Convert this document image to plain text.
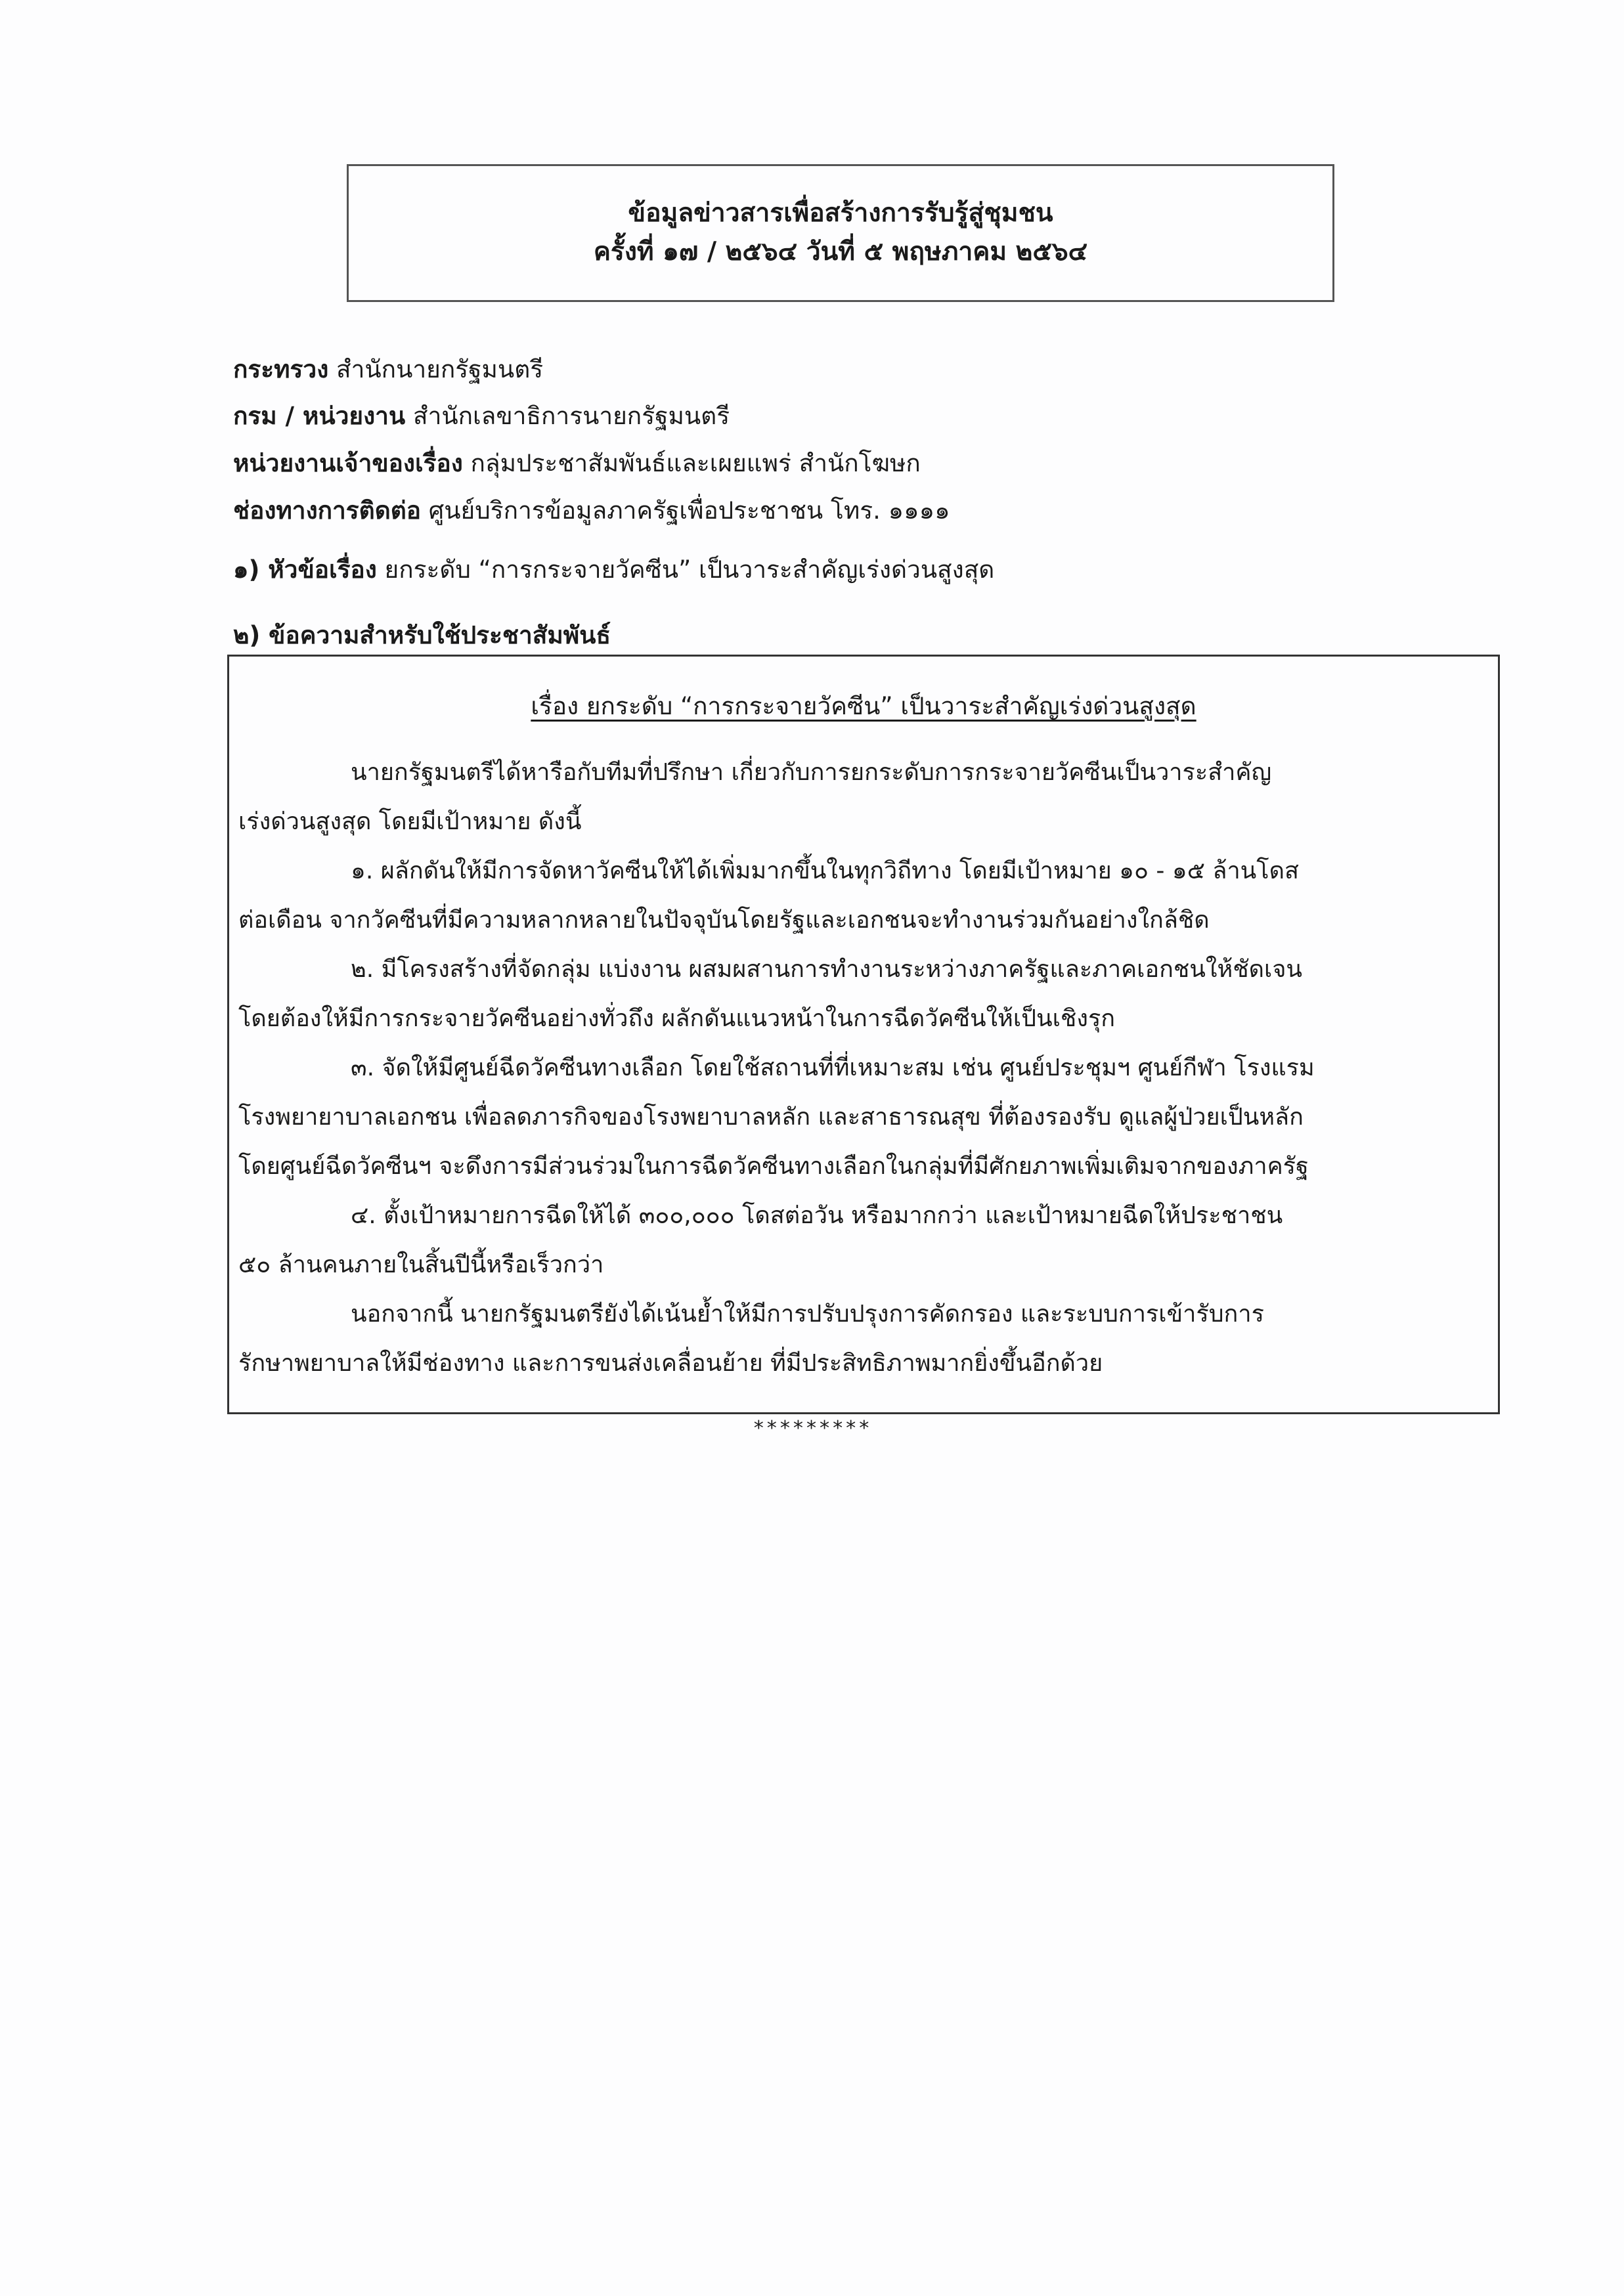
ข้อมูลข่าวสารเพื่อสร้างการรับรู้สู่ชุมชน
ครั้งที่ ๑๗ / ๒๕๖๔ วันที่ ๕ พฤษภาคม ๒๕๖๔
กระทรวง สำนักนายกรัฐมนตรี
กรม / หน่วยงาน สำนักเลขาธิการนายกรัฐมนตรี
หน่วยงานเจ้าของเรื่อง กลุ่มประชาสัมพันธ์และเผยแพร่ สำนักโฆษก
ช่องทางการติดต่อ ศูนย์บริการข้อมูลภาครัฐเพื่อประชาชน โทร. ๑๑๑๑
๑) หัวข้อเรื่อง ยกระดับ “การกระจายวัคซีน” เป็นวาระสำคัญเร่งด่วนสูงสุด
๒) ข้อความสำหรับใช้ประชาสัมพันธ์
เรื่อง ยกระดับ “การกระจายวัคซีน” เป็นวาระสำคัญเร่งด่วนสูงสุด
นายกรัฐมนตรีได้หารือกับทีมที่ปรึกษา เกี่ยวกับการยกระดับการกระจายวัคซีนเป็นวาระสำคัญ
เร่งด่วนสูงสุด โดยมีเป้าหมาย ดังนี้
๑. ผลักดันให้มีการจัดหาวัคซีนให้ได้เพิ่มมากขึ้นในทุกวิถีทาง โดยมีเป้าหมาย ๑๐ - ๑๕ ล้านโดส
ต่อเดือน จากวัคซีนที่มีความหลากหลายในปัจจุบันโดยรัฐและเอกชนจะทำงานร่วมกันอย่างใกล้ชิด
๒. มีโครงสร้างที่จัดกลุ่ม แบ่งงาน ผสมผสานการทำงานระหว่างภาครัฐและภาคเอกชนให้ชัดเจน
โดยต้องให้มีการกระจายวัคซีนอย่างทั่วถึง ผลักดันแนวหน้าในการฉีดวัคซีนให้เป็นเชิงรุก
๓. จัดให้มีศูนย์ฉีดวัคซีนทางเลือก โดยใช้สถานที่ที่เหมาะสม เช่น ศูนย์ประชุมฯ ศูนย์กีฬา โรงแรม
โรงพยายาบาลเอกชน เพื่อลดภารกิจของโรงพยาบาลหลัก และสาธารณสุข ที่ต้องรองรับ ดูแลผู้ป่วยเป็นหลัก
โดยศูนย์ฉีดวัคซีนฯ จะดึงการมีส่วนร่วมในการฉีดวัคซีนทางเลือกในกลุ่มที่มีศักยภาพเพิ่มเติมจากของภาครัฐ
๔. ตั้งเป้าหมายการฉีดให้ได้ ๓๐๐,๐๐๐ โดสต่อวัน หรือมากกว่า และเป้าหมายฉีดให้ประชาชน
๕๐ ล้านคนภายในสิ้นปีนี้หรือเร็วกว่า
นอกจากนี้ นายกรัฐมนตรียังได้เน้นย้ำให้มีการปรับปรุงการคัดกรอง และระบบการเข้ารับการ
รักษาพยาบาลให้มีช่องทาง และการขนส่งเคลื่อนย้าย ที่มีประสิทธิภาพมากยิ่งขึ้นอีกด้วย
*********
